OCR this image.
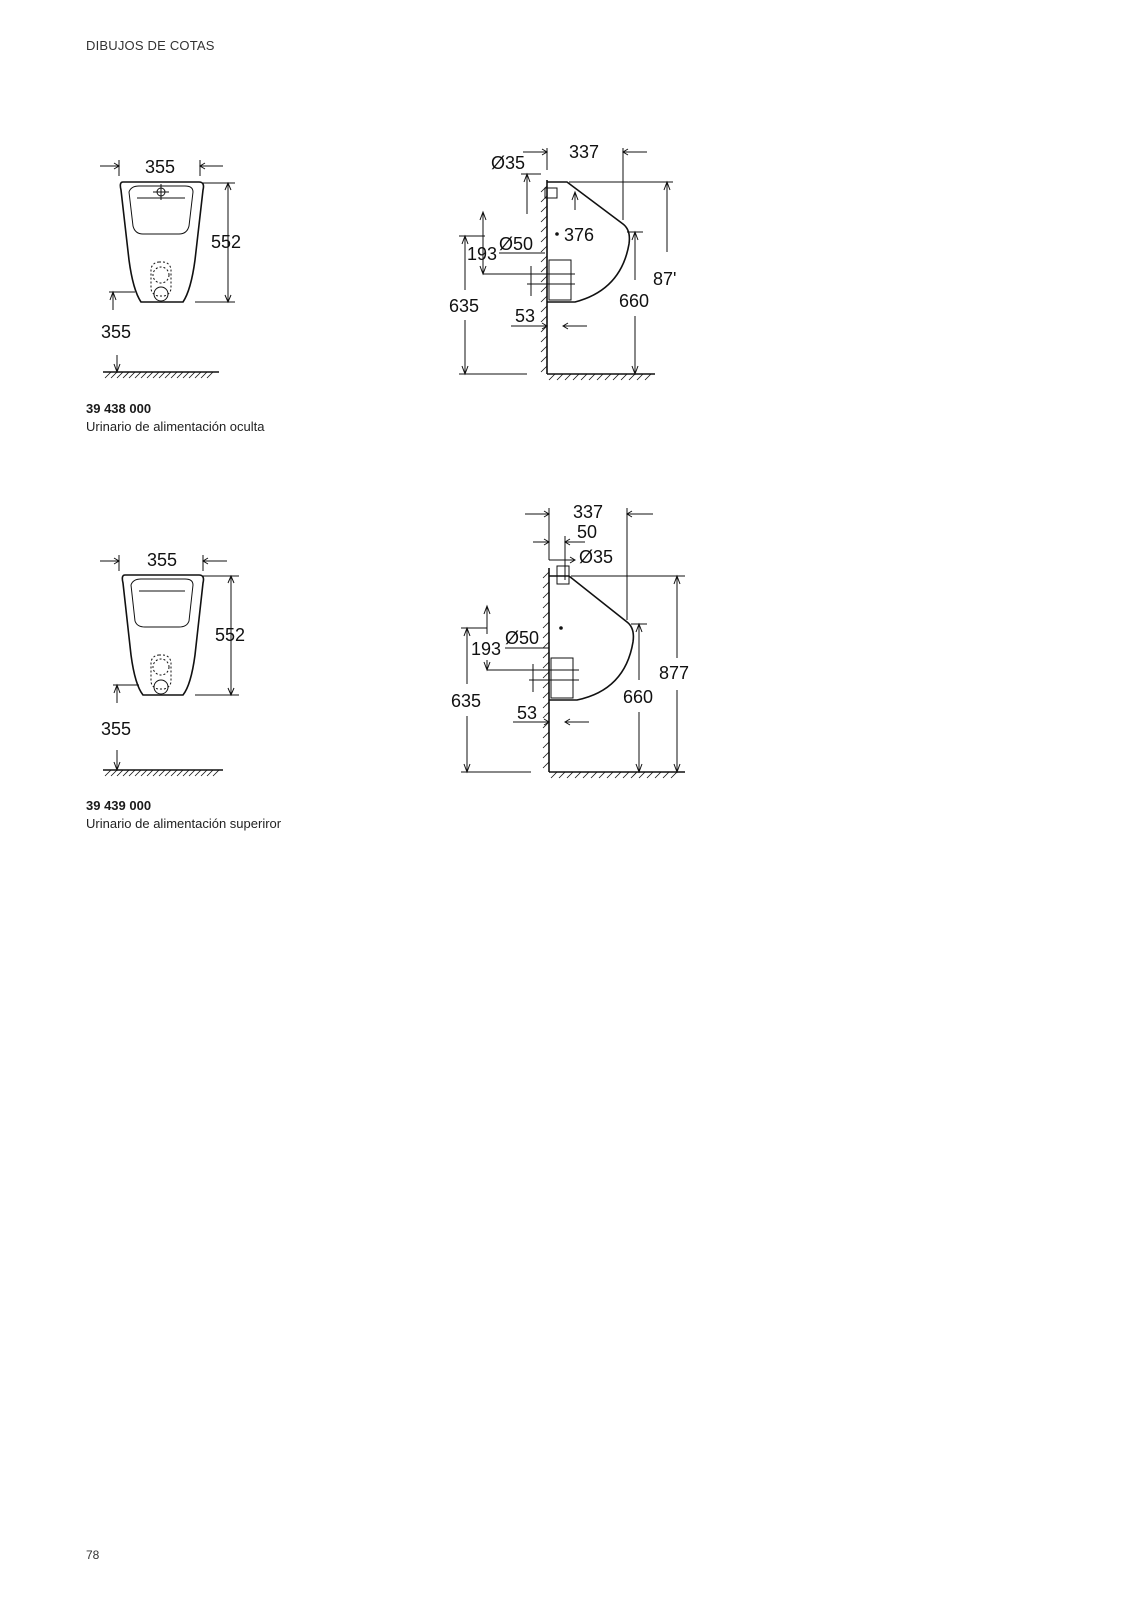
DIBUJOS DE COTAS
355
552
355
337
Ø35
376
Ø50
193
635 53
660
87'
39 438 000
Urinario de alimentación oculta
355
552
355
337
50
Ø35
Ø50
193
635
53
660
877
39 439 000
Urinario de alimentación superiror
78
